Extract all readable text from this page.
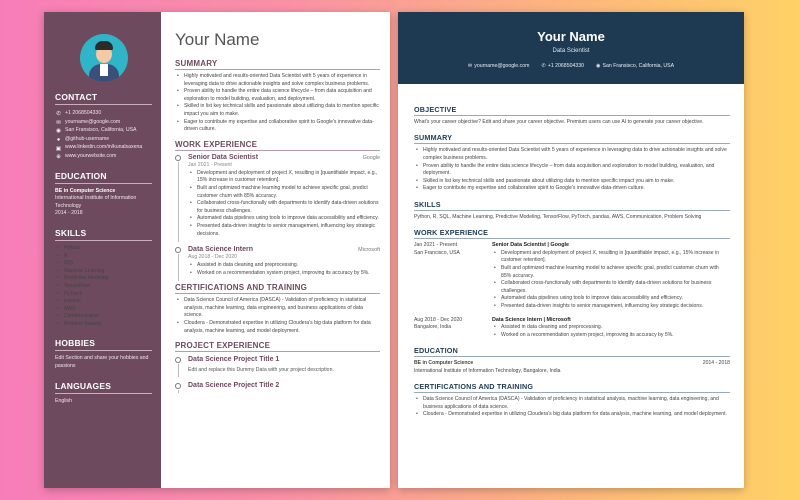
CONTACT
✆ +1 2068504330
✉ yourname@google.com
◉ San Fransisco, California, USA
● @github-username
▣ www.linkedin.com/in/kunalsaxena
⊕ www.yourwebsite.com
EDUCATION
BE in Computer Science
International Institute of Information Technology
2014 - 2018
SKILLS
• Python
• R
• SQL
• Machine Learning
• Predictive Modeling
• TensorFlow
• PyTorch
• pandas
• AWS
• Communication
• Problem Solving
HOBBIES
Edit Section and share your hobbies and passions
LANGUAGES
English
Your Name
SUMMARY
• Highly motivated and results-oriented Data Scientist with 5 years of experience in leveraging data to drive actionable insights and solve complex business problems.
• Proven ability to handle the entire data science lifecycle – from data acquisition and exploration to model building, evaluation, and deployment.
• Skilled in list key technical skills and passionate about utilizing data to mention specific impact you aim to make.
• Eager to contribute my expertise and collaborative spirit to Google's innovative data-driven culture.
WORK EXPERIENCE
Senior Data Scientist	Google
Jan 2021 - Present
• Development and deployment of project X, resulting in [quantifiable impact, e.g., 15% increase in customer retention].
• Built and optimized machine learning model to achieve specific goal, predict customer churn with 85% accuracy.
• Collaborated cross-functionally with departments to identify data-driven solutions for business challenges.
• Automated data pipelines using tools to improve data accessibility and efficiency.
• Presented data-driven insights to senior management, influencing key strategic decisions.
Data Science Intern	Microsoft
Aug 2018 - Dec 2020
• Assisted in data cleaning and preprocessing.
• Worked on a recommendation system project, improving its accuracy by 5%.
CERTIFICATIONS AND TRAINING
• Data Science Council of America (DASCA) - Validation of proficiency in statistical analysis, machine learning, data engineering, and business applications of data science.
• Cloudera - Demonstrated expertise in utilizing Cloudera's big data platform for data analysis, machine learning, and model deployment.
PROJECT EXPERIENCE
Data Science Project Title 1
Edit and replace this Dummy Data with your project description.
Data Science Project Title 2
Your Name
Data Scientist
✉ yourname@google.com ✆ +1 2068504330 ◉ San Fransisco, California, USA
OBJECTIVE
What's your career objective? Edit and share your career objective. Premium users can use AI to generate your career objective.
SUMMARY
• Highly motivated and results-oriented Data Scientist with 5 years of experience in leveraging data to drive actionable insights and solve complex business problems.
• Proven ability to handle the entire data science lifecycle – from data acquisition and exploration to model building, evaluation, and deployment.
• Skilled in list key technical skills and passionate about utilizing data to mention specific impact you aim to make.
• Eager to contribute my expertise and collaborative spirit to Google's innovative data-driven culture.
SKILLS
Python, R, SQL, Machine Learning, Predictive Modeling, TensorFlow, PyTorch, pandas, AWS, Communication, Problem Solving
WORK EXPERIENCE
Jan 2021 - Present
San Francisco, USA
Senior Data Scientist | Google
• Development and deployment of project X, resulting in [quantifiable impact, e.g., 15% increase in customer retention].
• Built and optimized machine learning model to achieve specific goal, predict customer churn with 85% accuracy.
• Collaborated cross-functionally with departments to identify data-driven solutions for business challenges.
• Automated data pipelines using tools to improve data accessibility and efficiency.
• Presented data-driven insights to senior management, influencing key strategic decisions.
Aug 2018 - Dec 2020
Bangalore, India
Data Science Intern | Microsoft
• Assisted in data cleaning and preprocessing.
• Worked on a recommendation system project, improving its accuracy by 5%.
EDUCATION
BE in Computer Science	2014 - 2018
International Institute of Information Technology, Bangalore, India
CERTIFICATIONS AND TRAINING
• Data Science Council of America (DASCA) - Validation of proficiency in statistical analysis, machine learning, data engineering, and business applications of data science.
• Cloudera - Demonstrated expertise in utilizing Cloudera's big data platform for data analysis, machine learning, and model deployment.
